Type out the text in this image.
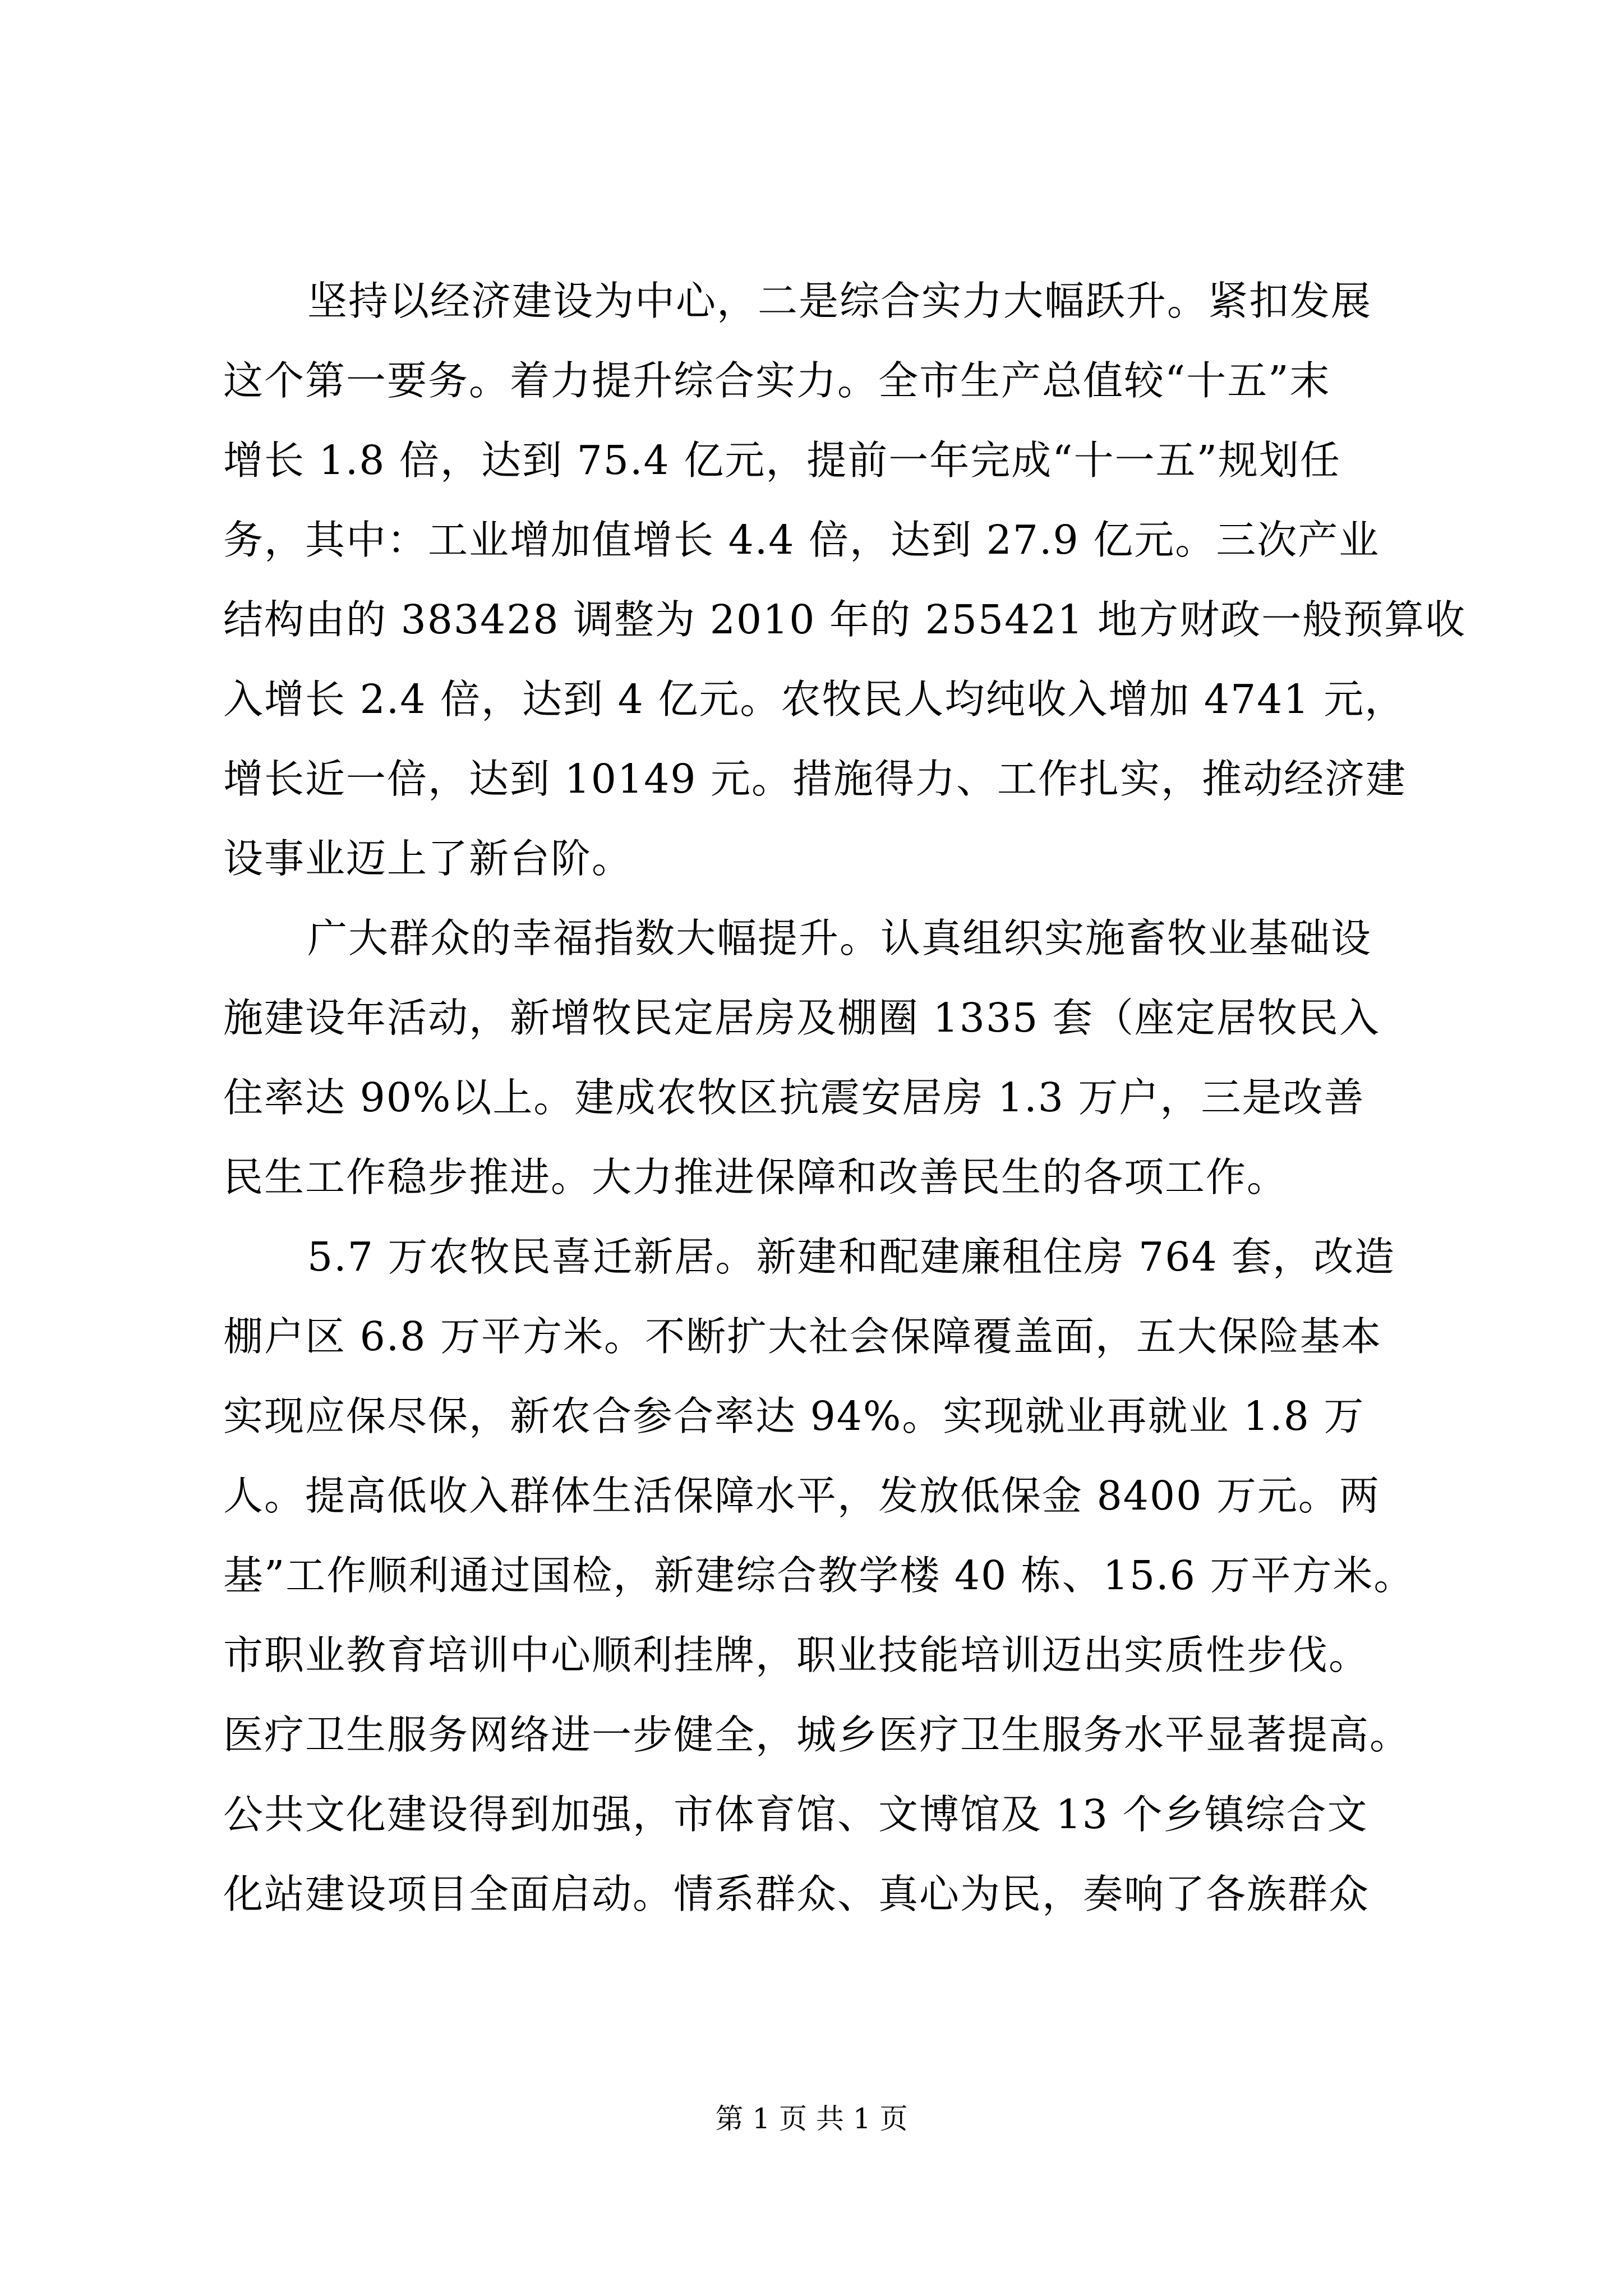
坚持以经济建设为中心，二是综合实力大幅跃升。紧扣发展
这个第一要务。着力提升综合实力。全市生产总值较“十五”末
增长 1.8 倍，达到 75.4 亿元，提前一年完成“十一五”规划任
务，其中：工业增加值增长 4.4 倍，达到 27.9 亿元。三次产业
结构由的 383428 调整为 2010 年的 255421 地方财政一般预算收
入增长 2.4 倍，达到 4 亿元。农牧民人均纯收入增加 4741 元，
增长近一倍，达到 10149 元。措施得力、工作扎实，推动经济建
设事业迈上了新台阶。
广大群众的幸福指数大幅提升。认真组织实施畜牧业基础设
施建设年活动，新增牧民定居房及棚圈 1335 套（座定居牧民入
住率达 90%以上。建成农牧区抗震安居房 1.3 万户，三是改善
民生工作稳步推进。大力推进保障和改善民生的各项工作。
5.7 万农牧民喜迁新居。新建和配建廉租住房 764 套，改造
棚户区 6.8 万平方米。不断扩大社会保障覆盖面，五大保险基本
实现应保尽保，新农合参合率达 94%。实现就业再就业 1.8 万
人。提高低收入群体生活保障水平，发放低保金 8400 万元。两
基”工作顺利通过国检，新建综合教学楼 40 栋、15.6 万平方米。
市职业教育培训中心顺利挂牌，职业技能培训迈出实质性步伐。
医疗卫生服务网络进一步健全，城乡医疗卫生服务水平显著提高。
公共文化建设得到加强，市体育馆、文博馆及 13 个乡镇综合文
化站建设项目全面启动。情系群众、真心为民，奏响了各族群众
第 1 页 共 1 页
